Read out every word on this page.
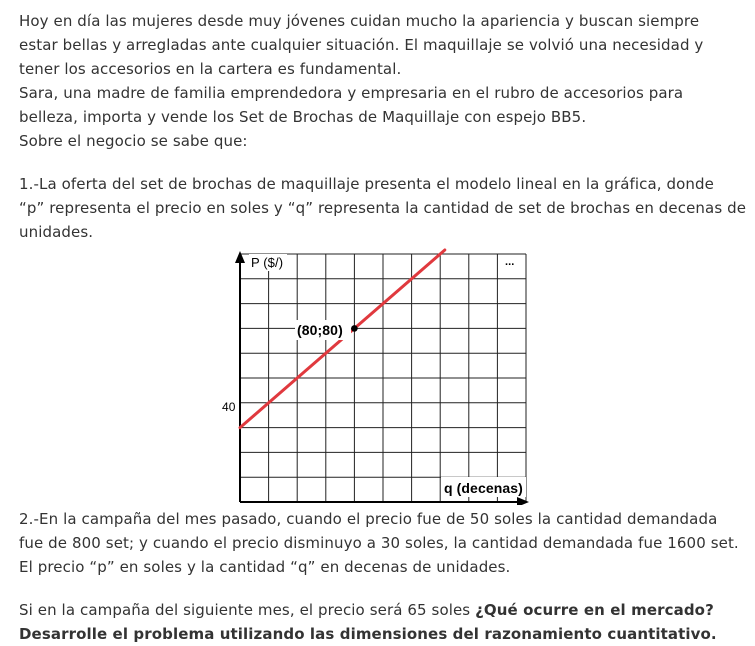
Hoy en día las mujeres desde muy jóvenes cuidan mucho la apariencia y buscan siempre
estar bellas y arregladas ante cualquier situación. El maquillaje se volvió una necesidad y
tener los accesorios en la cartera es fundamental.

Sara, una madre de familia emprendedora y empresaria en el rubro de accesorios para
belleza, importa y vende los Set de Brochas de Maquillaje con espejo BB5.
Sobre el negocio se sabe que:

1.-La oferta del set de brochas de maquillaje presenta el modelo lineal en la gráfica, donde
“p” representa el precio en soles y “q” representa la cantidad de set de brochas en decenas de
unidades.

P ($/)
40
(80;80)
q (decenas)
...

2.-En la campaña del mes pasado, cuando el precio fue de 50 soles la cantidad demandada
fue de 800 set; y cuando el precio disminuyo a 30 soles, la cantidad demandada fue 1600 set.
El precio “p” en soles y la cantidad “q” en decenas de unidades.

Si en la campaña del siguiente mes, el precio será 65 soles ¿Qué ocurre en el mercado?
Desarrolle el problema utilizando las dimensiones del razonamiento cuantitativo.
